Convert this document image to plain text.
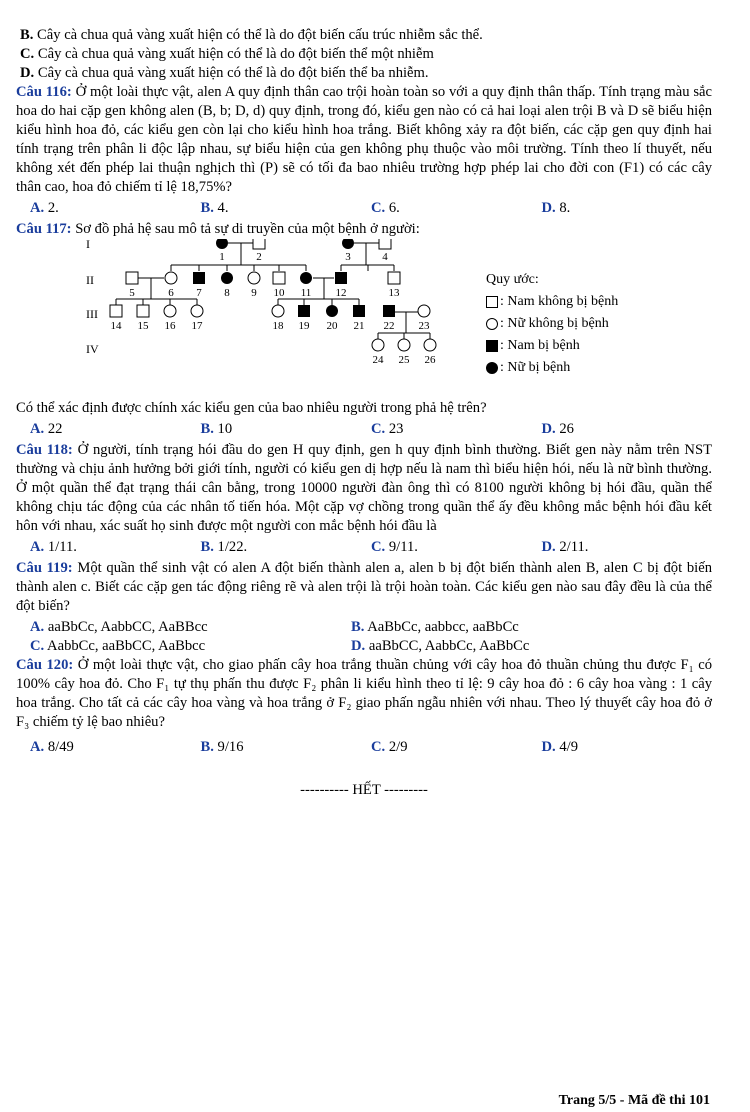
B. Cây cà chua quả vàng xuất hiện có thể là do đột biến cấu trúc nhiễm sắc thể.

C. Cây cà chua quả vàng xuất hiện có thể là do đột biến thể một nhiễm

D. Cây cà chua quả vàng xuất hiện có thể là do đột biến thể ba nhiễm.

Câu 116: Ở một loài thực vật, alen A quy định thân cao trội hoàn toàn so với a quy định thân thấp. Tính trạng màu sắc hoa do hai cặp gen không alen (B, b; D, d) quy định, trong đó, kiểu gen nào có cả hai loại alen trội B và D sẽ biểu hiện kiểu hình hoa đỏ, các kiểu gen còn lại cho kiểu hình hoa trắng. Biết không xảy ra đột biến, các cặp gen quy định hai tính trạng trên phân li độc lập nhau, sự biểu hiện của gen không phụ thuộc vào môi trường. Tính theo lí thuyết, nếu không xét đến phép lai thuận nghịch thì (P) sẽ có tối đa bao nhiêu trường hợp phép lai cho đời con (F1) có các cây thân cao, hoa đỏ chiếm tỉ lệ 18,75%?

A. 2.	B. 4.	C. 6.	D. 8.

Câu 117: Sơ đồ phả hệ sau mô tả sự di truyền của một bệnh ở người:

I
II
III
IV
1	2	3	4
5	6 7 8 9 10 11 12	13
14 15 16 17	18 19 20 21 22 23
24 25 26
Quy ước:
: Nam không bị bệnh
: Nữ không bị bệnh
: Nam bị bệnh
: Nữ bị bệnh

Có thể xác định được chính xác kiểu gen của bao nhiêu người trong phả hệ trên?

A. 22	B. 10	C. 23	D. 26

Câu 118: Ở người, tính trạng hói đầu do gen H quy định, gen h quy định bình thường. Biết gen này nằm trên NST thường và chịu ảnh hưởng bởi giới tính, người có kiểu gen dị hợp nếu là nam thì biểu hiện hói, nếu là nữ bình thường. Ở một quần thể đạt trạng thái cân bằng, trong 10000 người đàn ông thì có 8100 người không bị hói đầu, quần thể không chịu tác động của các nhân tố tiến hóa. Một cặp vợ chồng trong quần thể ấy đều không mắc bệnh hói đầu kết hôn với nhau, xác suất họ sinh được một người con mắc bệnh hói đầu là

A. 1/11.	B. 1/22.	C. 9/11.	D. 2/11.

Câu 119: Một quần thể sinh vật có alen A đột biến thành alen a, alen b bị đột biến thành alen B, alen C bị đột biến thành alen c. Biết các cặp gen tác động riêng rẽ và alen trội là trội hoàn toàn. Các kiểu gen nào sau đây đều là của thể đột biến?

A. aaBbCc, AabbCC, AaBBcc	B. AaBbCc, aabbcc, aaBbCc
C. AabbCc, aaBbCC, AaBbcc	D. aaBbCC, AabbCc, AaBbCc

Câu 120: Ở một loài thực vật, cho giao phấn cây hoa trắng thuần chủng với cây hoa đỏ thuần chủng thu được F₁ có 100% cây hoa đỏ. Cho F₁ tự thụ phấn thu được F₂ phân li kiểu hình theo tỉ lệ: 9 cây hoa đỏ : 6 cây hoa vàng : 1 cây hoa trắng. Cho tất cả các cây hoa vàng và hoa trắng ở F₂ giao phấn ngẫu nhiên với nhau. Theo lý thuyết cây hoa đỏ ở F₃ chiếm tỷ lệ bao nhiêu?

A. 8/49	B. 9/16	C. 2/9	D. 4/9
---------- HẾT ---------
Trang 5/5 - Mã đề thi 101
